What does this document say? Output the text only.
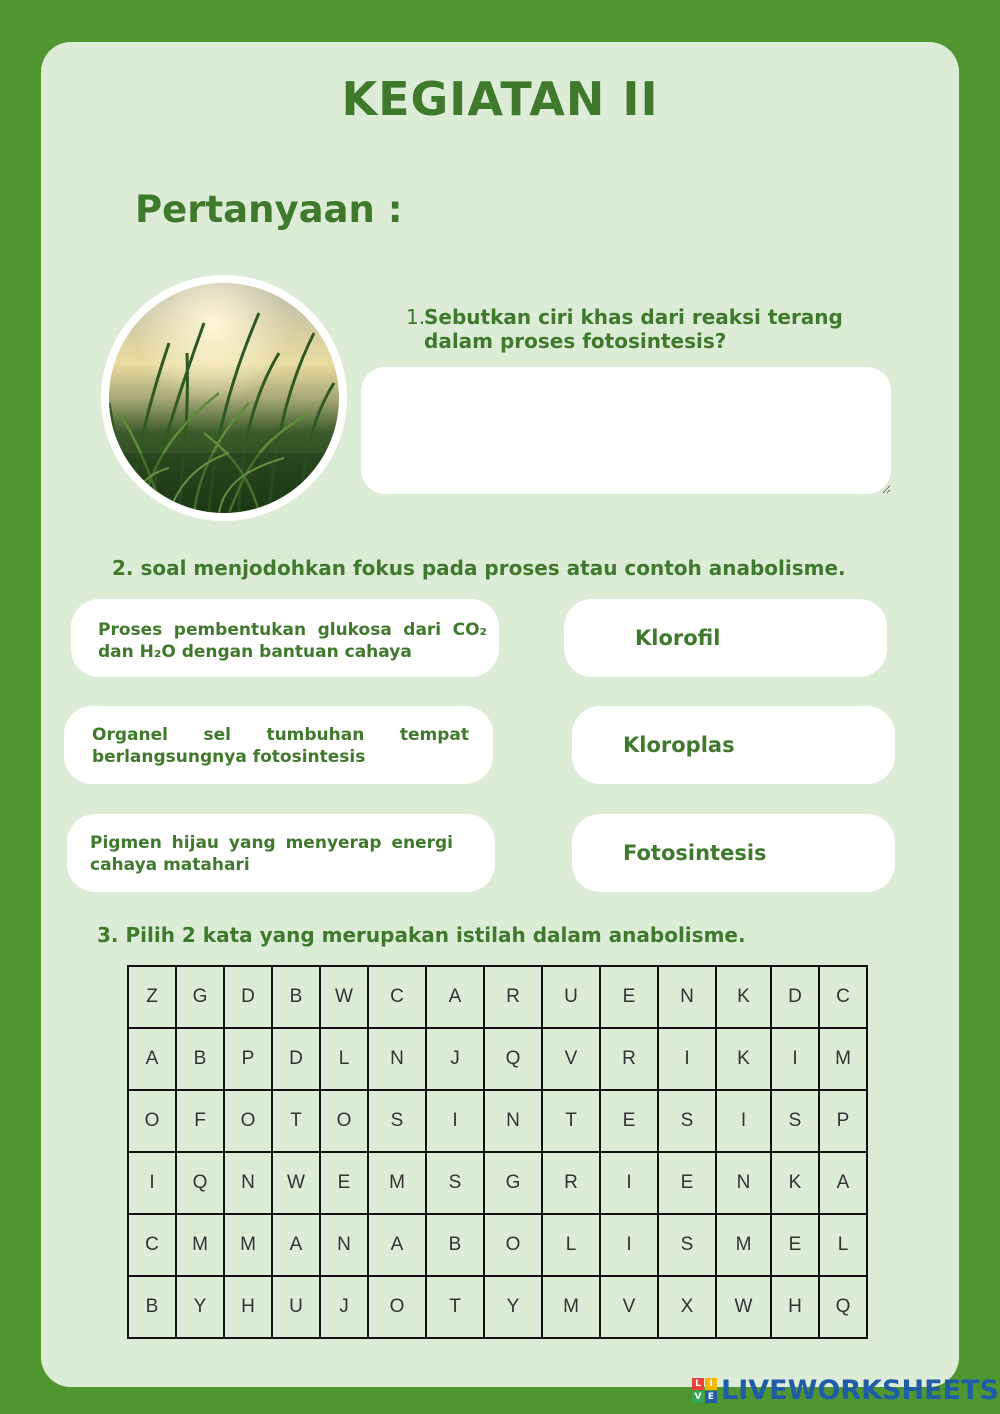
KEGIATAN II
Pertanyaan :
1.
Sebutkan ciri khas dari reaksi terang dalam proses fotosintesis?
2. soal menjodohkan fokus pada proses atau contoh anabolisme.
Proses pembentukan glukosa dari CO₂ dan H₂O dengan bantuan cahaya
Organel sel tumbuhan tempat berlangsungnya fotosintesis
Pigmen hijau yang menyerap energi cahaya matahari
Klorofil
Kloroplas
Fotosintesis
3. Pilih 2 kata yang merupakan istilah dalam anabolisme.
Z	G	D	B	W	C	A	R	U	E	N	K	D	C
A	B	P	D	L	N	J	Q	V	R	I	K	I	M
O	F	O	T	O	S	I	N	T	E	S	I	S	P
I	Q	N	W	E	M	S	G	R	I	E	N	K	A
C	M	M	A	N	A	B	O	L	I	S	M	E	L
B	Y	H	U	J	O	T	Y	M	V	X	W	H	Q
L I
V E LIVEWORKSHEETS
